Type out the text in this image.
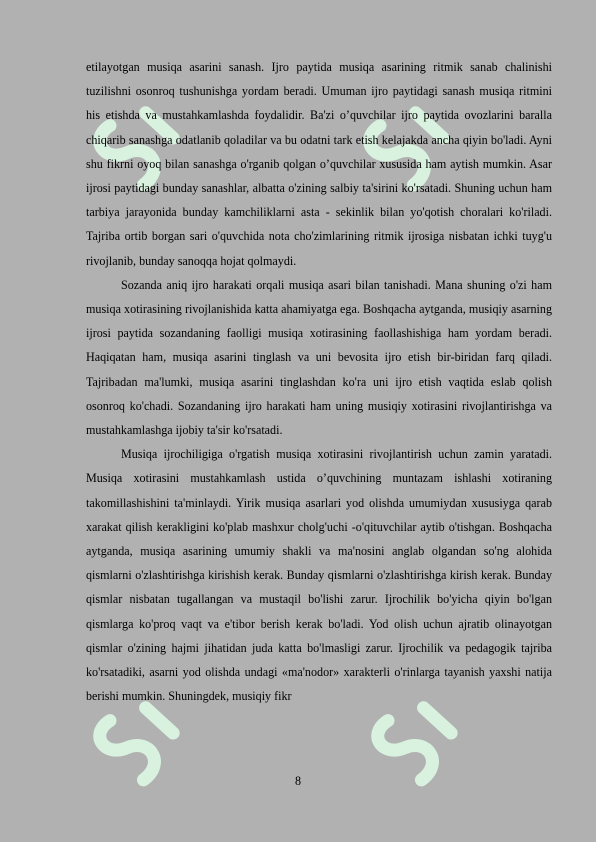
etilayotgan musiqa asarini sanash. Ijro paytida musiqa asarining ritmik sanab chalinishi tuzilishni osonroq tushunishga yordam beradi. Umuman ijro paytidagi sanash musiqa ritmini his etishda va mustahkamlashda foydalidir. Ba'zi o’quvchilar ijro paytida ovozlarini baralla chiqarib sanashga odatlanib qoladilar va bu odatni tark etish kelajakda ancha qiyin bo'ladi. Ayni shu fikrni oyoq bilan sanashga o'rganib qolgan o’quvchilar xususida ham aytish mumkin. Asar ijrosi paytidagi bunday sanashlar, albatta o'zining salbiy ta'sirini ko'rsatadi. Shuning uchun ham tarbiya jarayonida bunday kamchiliklarni asta - sekinlik bilan yo'qotish choralari ko'riladi. Tajriba ortib borgan sari o'quvchida nota cho'zimlarining ritmik ijrosiga nisbatan ichki tuyg'u rivojlanib, bunday sanoqqa hojat qolmaydi.

Sozanda aniq ijro harakati orqali musiqa asari bilan tanishadi. Mana shuning o'zi ham musiqa xotirasining rivojlanishida katta ahamiyatga ega. Boshqacha aytganda, musiqiy asarning ijrosi paytida sozandaning faolligi musiqa xotirasining faollashishiga ham yordam beradi. Haqiqatan ham, musiqa asarini tinglash va uni bevosita ijro etish bir-biridan farq qiladi. Tajribadan ma'lumki, musiqa asarini tinglashdan ko'ra uni ijro etish vaqtida eslab qolish osonroq ko'chadi. Sozandaning ijro harakati ham uning musiqiy xotirasini rivojlantirishga va mustahkamlashga ijobiy ta'sir ko'rsatadi.

Musiqa ijrochiligiga o'rgatish musiqa xotirasini rivojlantirish uchun zamin yaratadi. Musiqa xotirasini mustahkamlash ustida o’quvchining muntazam ishlashi xotiraning takomillashishini ta'minlaydi. Yirik musiqa asarlari yod olishda umumiydan xususiyga qarab xarakat qilish kerakligini ko'plab mashxur cholg'uchi -o'qituvchilar aytib o'tishgan. Boshqacha aytganda, musiqa asarining umumiy shakli va ma'nosini anglab olgandan so'ng alohida qismlarni o'zlashtirishga kirishish kerak. Bunday qismlarni o'zlashtirishga kirish kerak. Bunday qismlar nisbatan tugallangan va mustaqil bo'lishi zarur. Ijrochilik bo'yicha qiyin bo'lgan qismlarga ko'proq vaqt va e'tibor berish kerak bo'ladi. Yod olish uchun ajratib olinayotgan qismlar o'zining hajmi jihatidan juda katta bo'lmasligi zarur. Ijrochilik va pedagogik tajriba ko'rsatadiki, asarni yod olishda undagi «ma'nodor» xarakterli o'rinlarga tayanish yaxshi natija berishi mumkin. Shuningdek, musiqiy fikr

8
